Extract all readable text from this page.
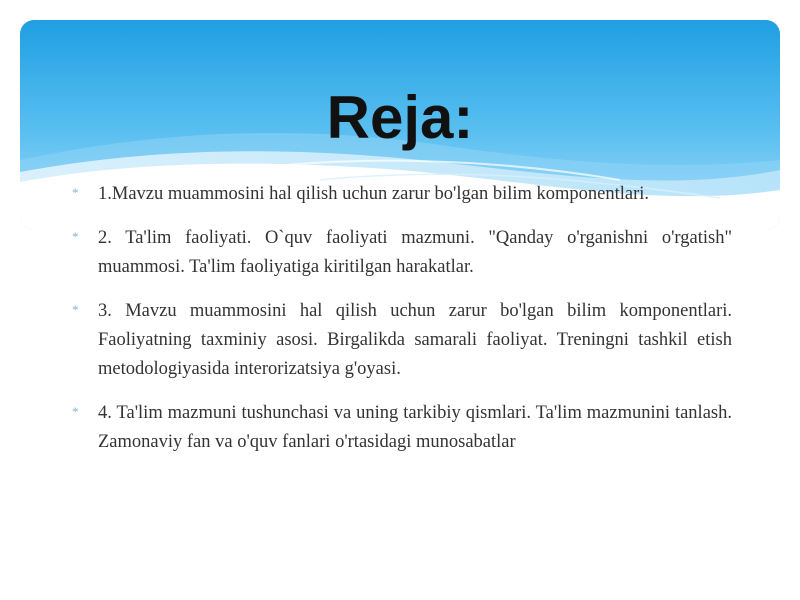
Reja:
*	1.Mavzu muammosini hal qilish uchun zarur bo'lgan bilim komponentlari.
*	2. Ta'lim faoliyati. O`quv faoliyati mazmuni. "Qanday o'rganishni o'rgatish" muammosi. Ta'lim faoliyatiga kiritilgan harakatlar.
*	3. Mavzu muammosini hal qilish uchun zarur bo'lgan bilim komponentlari. Faoliyatning taxminiy asosi. Birgalikda samarali faoliyat. Treningni tashkil etish metodologiyasida interorizatsiya g'oyasi.
*	4. Ta'lim mazmuni tushunchasi va uning tarkibiy qismlari. Ta'lim mazmunini tanlash. Zamonaviy fan va o'quv fanlari o'rtasidagi munosabatlar
